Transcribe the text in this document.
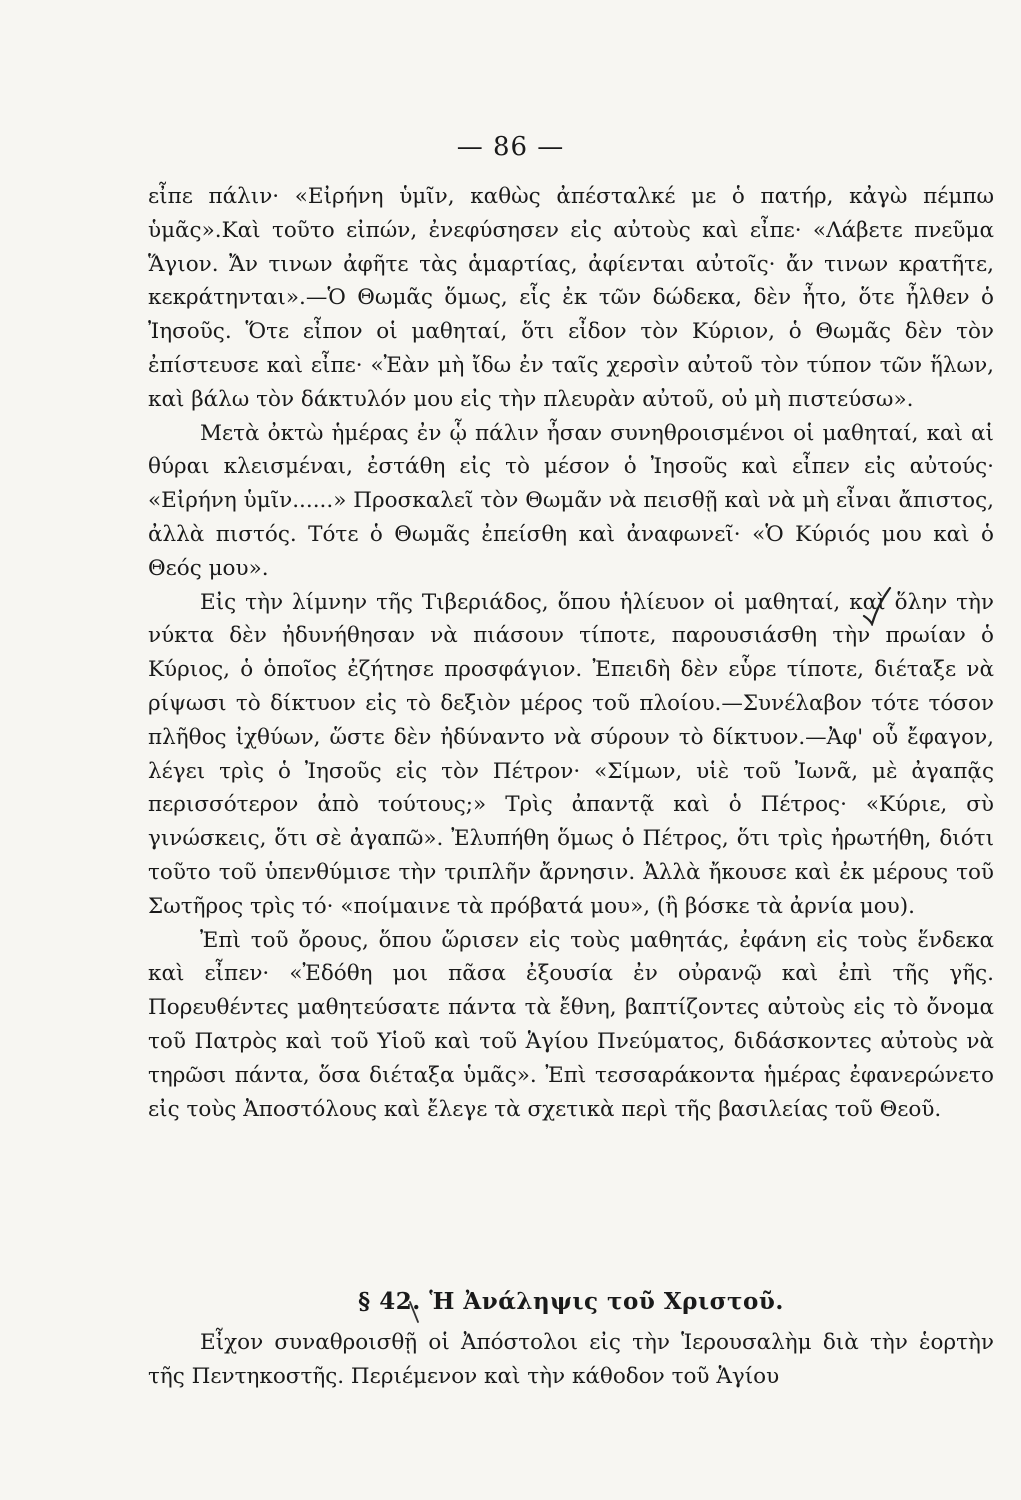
— 86 —

εἶπε πάλιν· «Εἰρήνη ὑμῖν, καθὼς ἀπέσταλκέ με ὁ πατήρ, κἀγὼ πέμπω ὑμᾶς».Καὶ τοῦτο εἰπών, ἐνεφύσησεν εἰς αὐτοὺς καὶ εἶπε· «Λάβετε πνεῦμα Ἅγιον. Ἄν τινων ἀφῆτε τὰς ἁμαρτίας, ἀφίενται αὐτοῖς· ἄν τινων κρατῆτε, κεκράτηνται».—Ὁ Θωμᾶς ὅμως, εἷς ἐκ τῶν δώδεκα, δὲν ἦτο, ὅτε ἦλθεν ὁ Ἰησοῦς. Ὅτε εἶπον οἱ μαθηταί, ὅτι εἶδον τὸν Κύριον, ὁ Θωμᾶς δὲν τὸν ἐπίστευσε καὶ εἶπε· «Ἐὰν μὴ ἴδω ἐν ταῖς χερσὶν αὐτοῦ τὸν τύπον τῶν ἥλων, καὶ βάλω τὸν δάκτυλόν μου εἰς τὴν πλευρὰν αὐτοῦ, οὐ μὴ πιστεύσω».

Μετὰ ὀκτὼ ἡμέρας ἐν ᾧ πάλιν ἦσαν συνηθροισμένοι οἱ μαθηταί, καὶ αἱ θύραι κλεισμέναι, ἐστάθη εἰς τὸ μέσον ὁ Ἰησοῦς καὶ εἶπεν εἰς αὐτούς· «Εἰρήνη ὑμῖν......» Προσκαλεῖ τὸν Θωμᾶν νὰ πεισθῇ καὶ νὰ μὴ εἶναι ἄπιστος, ἀλλὰ πιστός. Τότε ὁ Θωμᾶς ἐπείσθη καὶ ἀναφωνεῖ· «Ὁ Κύριός μου καὶ ὁ Θεός μου».

Εἰς τὴν λίμνην τῆς Τιβεριάδος, ὅπου ἡλίευον οἱ μαθηταί, καὶ ὅλην τὴν νύκτα δὲν ἠδυνήθησαν νὰ πιάσουν τίποτε, παρουσιάσθη τὴν πρωίαν ὁ Κύριος, ὁ ὁποῖος ἐζήτησε προσφάγιον. Ἐπειδὴ δὲν εὗρε τίποτε, διέταξε νὰ ρίψωσι τὸ δίκτυον εἰς τὸ δεξιὸν μέρος τοῦ πλοίου.—Συνέλαβον τότε τόσον πλῆθος ἰχθύων, ὥστε δὲν ἠδύναντο νὰ σύρουν τὸ δίκτυον.—Ἀφ' οὗ ἔφαγον, λέγει τρὶς ὁ Ἰησοῦς εἰς τὸν Πέτρον· «Σίμων, υἱὲ τοῦ Ἰωνᾶ, μὲ ἀγαπᾷς περισσότερον ἀπὸ τούτους;» Τρὶς ἀπαντᾷ καὶ ὁ Πέτρος· «Κύριε, σὺ γινώσκεις, ὅτι σὲ ἀγαπῶ». Ἐλυπήθη ὅμως ὁ Πέτρος, ὅτι τρὶς ἠρωτήθη, διότι τοῦτο τοῦ ὑπενθύμισε τὴν τριπλῆν ἄρνησιν. Ἀλλὰ ἤκουσε καὶ ἐκ μέρους τοῦ Σωτῆρος τρὶς τό· «ποίμαινε τὰ πρόβατά μου», (ἢ βόσκε τὰ ἀρνία μου).

Ἐπὶ τοῦ ὄρους, ὅπου ὥρισεν εἰς τοὺς μαθητάς, ἐφάνη εἰς τοὺς ἕνδεκα καὶ εἶπεν· «Ἐδόθη μοι πᾶσα ἐξουσία ἐν οὐρανῷ καὶ ἐπὶ τῆς γῆς. Πορευθέντες μαθητεύσατε πάντα τὰ ἔθνη, βαπτίζοντες αὐτοὺς εἰς τὸ ὄνομα τοῦ Πατρὸς καὶ τοῦ Υἱοῦ καὶ τοῦ Ἁγίου Πνεύματος, διδάσκοντες αὐτοὺς νὰ τηρῶσι πάντα, ὅσα διέταξα ὑμᾶς». Ἐπὶ τεσσαράκοντα ἡμέρας ἐφανερώνετο εἰς τοὺς Ἀποστόλους καὶ ἔλεγε τὰ σχετικὰ περὶ τῆς βασιλείας τοῦ Θεοῦ.

§ 42. Ἡ Ἀνάληψις τοῦ Χριστοῦ.

Εἶχον συναθροισθῇ οἱ Ἀπόστολοι εἰς τὴν Ἱερουσαλὴμ διὰ τὴν ἑορτὴν τῆς Πεντηκοστῆς. Περιέμενον καὶ τὴν κάθοδον τοῦ Ἁγίου
